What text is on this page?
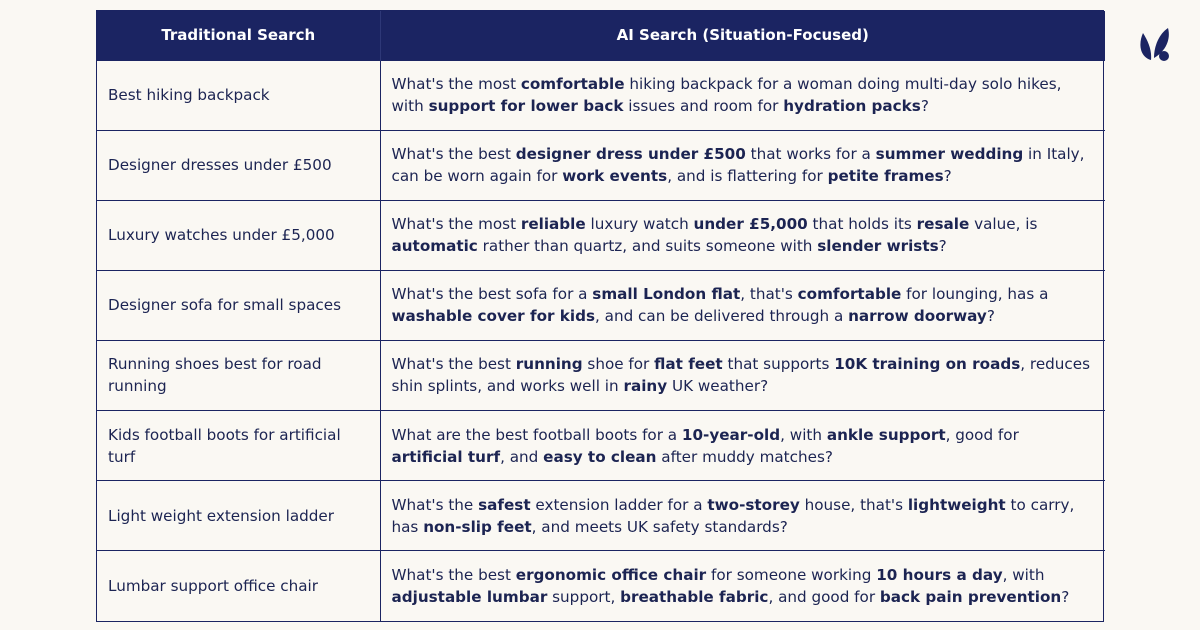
Traditional Search	AI Search (Situation-Focused)
Best hiking backpack	What's the most comfortable hiking backpack for a woman doing multi-day solo hikes, with support for lower back issues and room for hydration packs?
Designer dresses under £500	What's the best designer dress under £500 that works for a summer wedding in Italy, can be worn again for work events, and is flattering for petite frames?
Luxury watches under £5,000	What's the most reliable luxury watch under £5,000 that holds its resale value, is automatic rather than quartz, and suits someone with slender wrists?
Designer sofa for small spaces	What's the best sofa for a small London flat, that's comfortable for lounging, has a washable cover for kids, and can be delivered through a narrow doorway?
Running shoes best for road running	What's the best running shoe for flat feet that supports 10K training on roads, reduces shin splints, and works well in rainy UK weather?
Kids football boots for artificial turf	What are the best football boots for a 10-year-old, with ankle support, good for artificial turf, and easy to clean after muddy matches?
Light weight extension ladder	What's the safest extension ladder for a two-storey house, that's lightweight to carry, has non-slip feet, and meets UK safety standards?
Lumbar support office chair	What's the best ergonomic office chair for someone working 10 hours a day, with adjustable lumbar support, breathable fabric, and good for back pain prevention?
